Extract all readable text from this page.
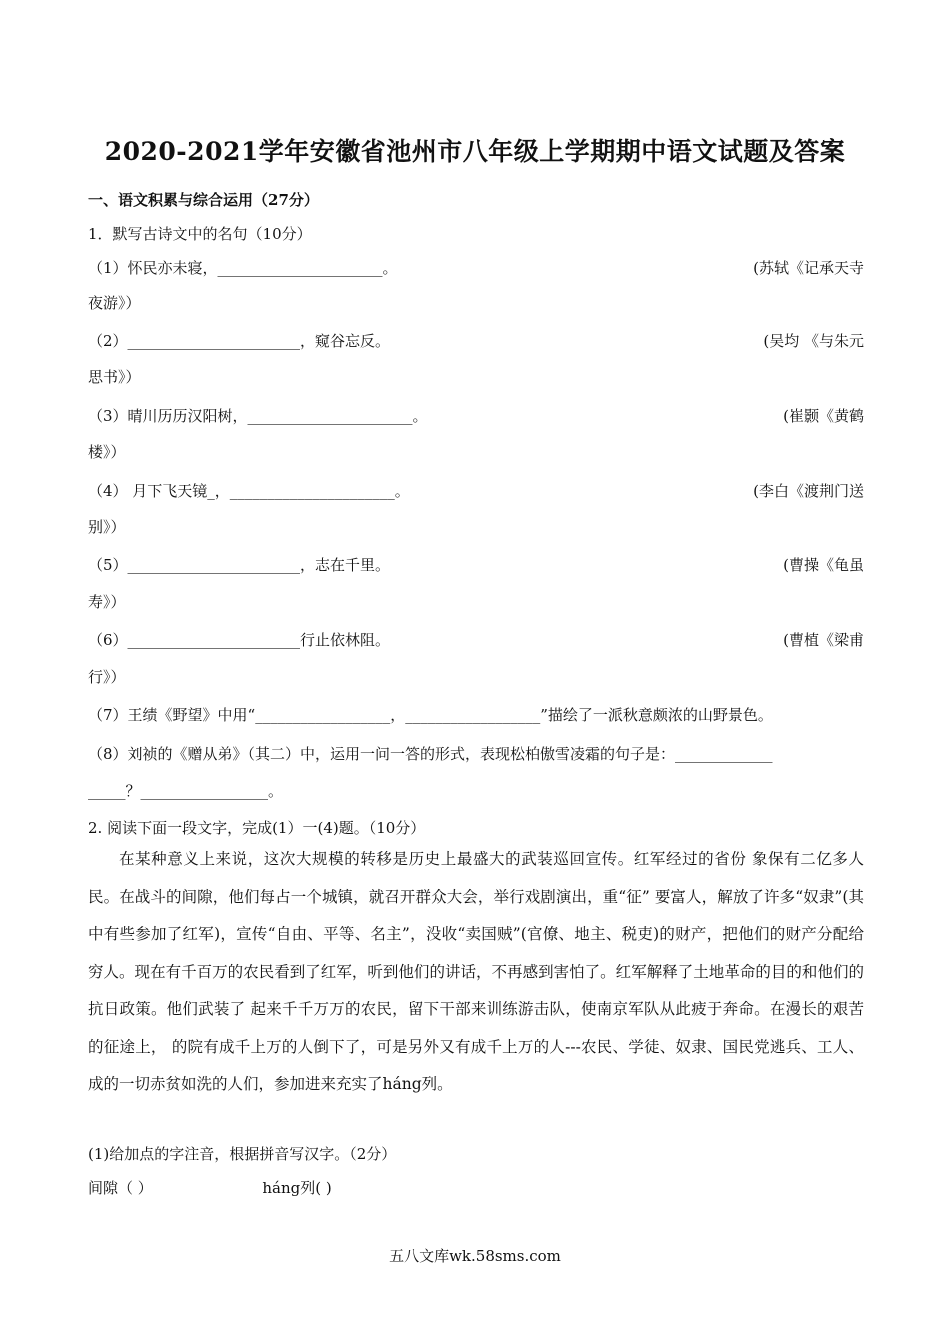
2020-2021学年安徽省池州市八年级上学期期中语文试题及答案
一、语文积累与综合运用（27分）
1．默写古诗文中的名句（10分）
（1）怀民亦未寝，______________________。	(苏轼《记承天寺
夜游》）
（2）_______________________，窥谷忘反。	(吴均 《与朱元
思书》）
（3）晴川历历汉阳树，______________________。	(崔颢《黄鹤
楼》）
（4） 月下飞天镜_，______________________。	(李白《渡荆门送
别》）
（5）_______________________，志在千里。	(曹操《龟虽
寿》）
（6）_______________________行止依林阻。	(曹植《梁甫
行》）
（7）王绩《野望》中用“__________________，__________________”描绘了一派秋意颇浓的山野景色。
（8）刘祯的《赠从弟》（其二）中，运用一问一答的形式，表现松柏傲雪凌霜的句子是：_____________
_____？_________________。
2. 阅读下面一段文字，完成(1）一(4)题。（10分）
在某种意义上来说，这次大规模的转移是历史上最盛大的武装巡回宣传。红军经过的省份 象保有二亿多人民。在战斗的间隙，他们每占一个城镇，就召开群众大会，举行戏剧演出，重“征” 要富人，解放了许多“奴隶”(其中有些参加了红军)，宣传“自由、平等、名主”，没收“卖国贼”(官僚、地主、税吏)的财产，把他们的财产分配给穷人。现在有千百万的农民看到了红军，听到他们的讲话，不再感到害怕了。红军解释了土地革命的目的和他们的抗日政策。他们武装了 起来千千万万的农民，留下干部来训练游击队，使南京军队从此疲于奔命。在漫长的艰苦的征途上， 的院有成千上万的人倒下了，可是另外又有成千上万的人---农民、学徒、奴隶、国民党逃兵、工人、 成的一切赤贫如洗的人们，参加进来充实了háng列。
(1)给加点的字注音，根据拼音写汉字。（2分）
间隙（ ）	háng列( )
五八文库wk.58sms.com
